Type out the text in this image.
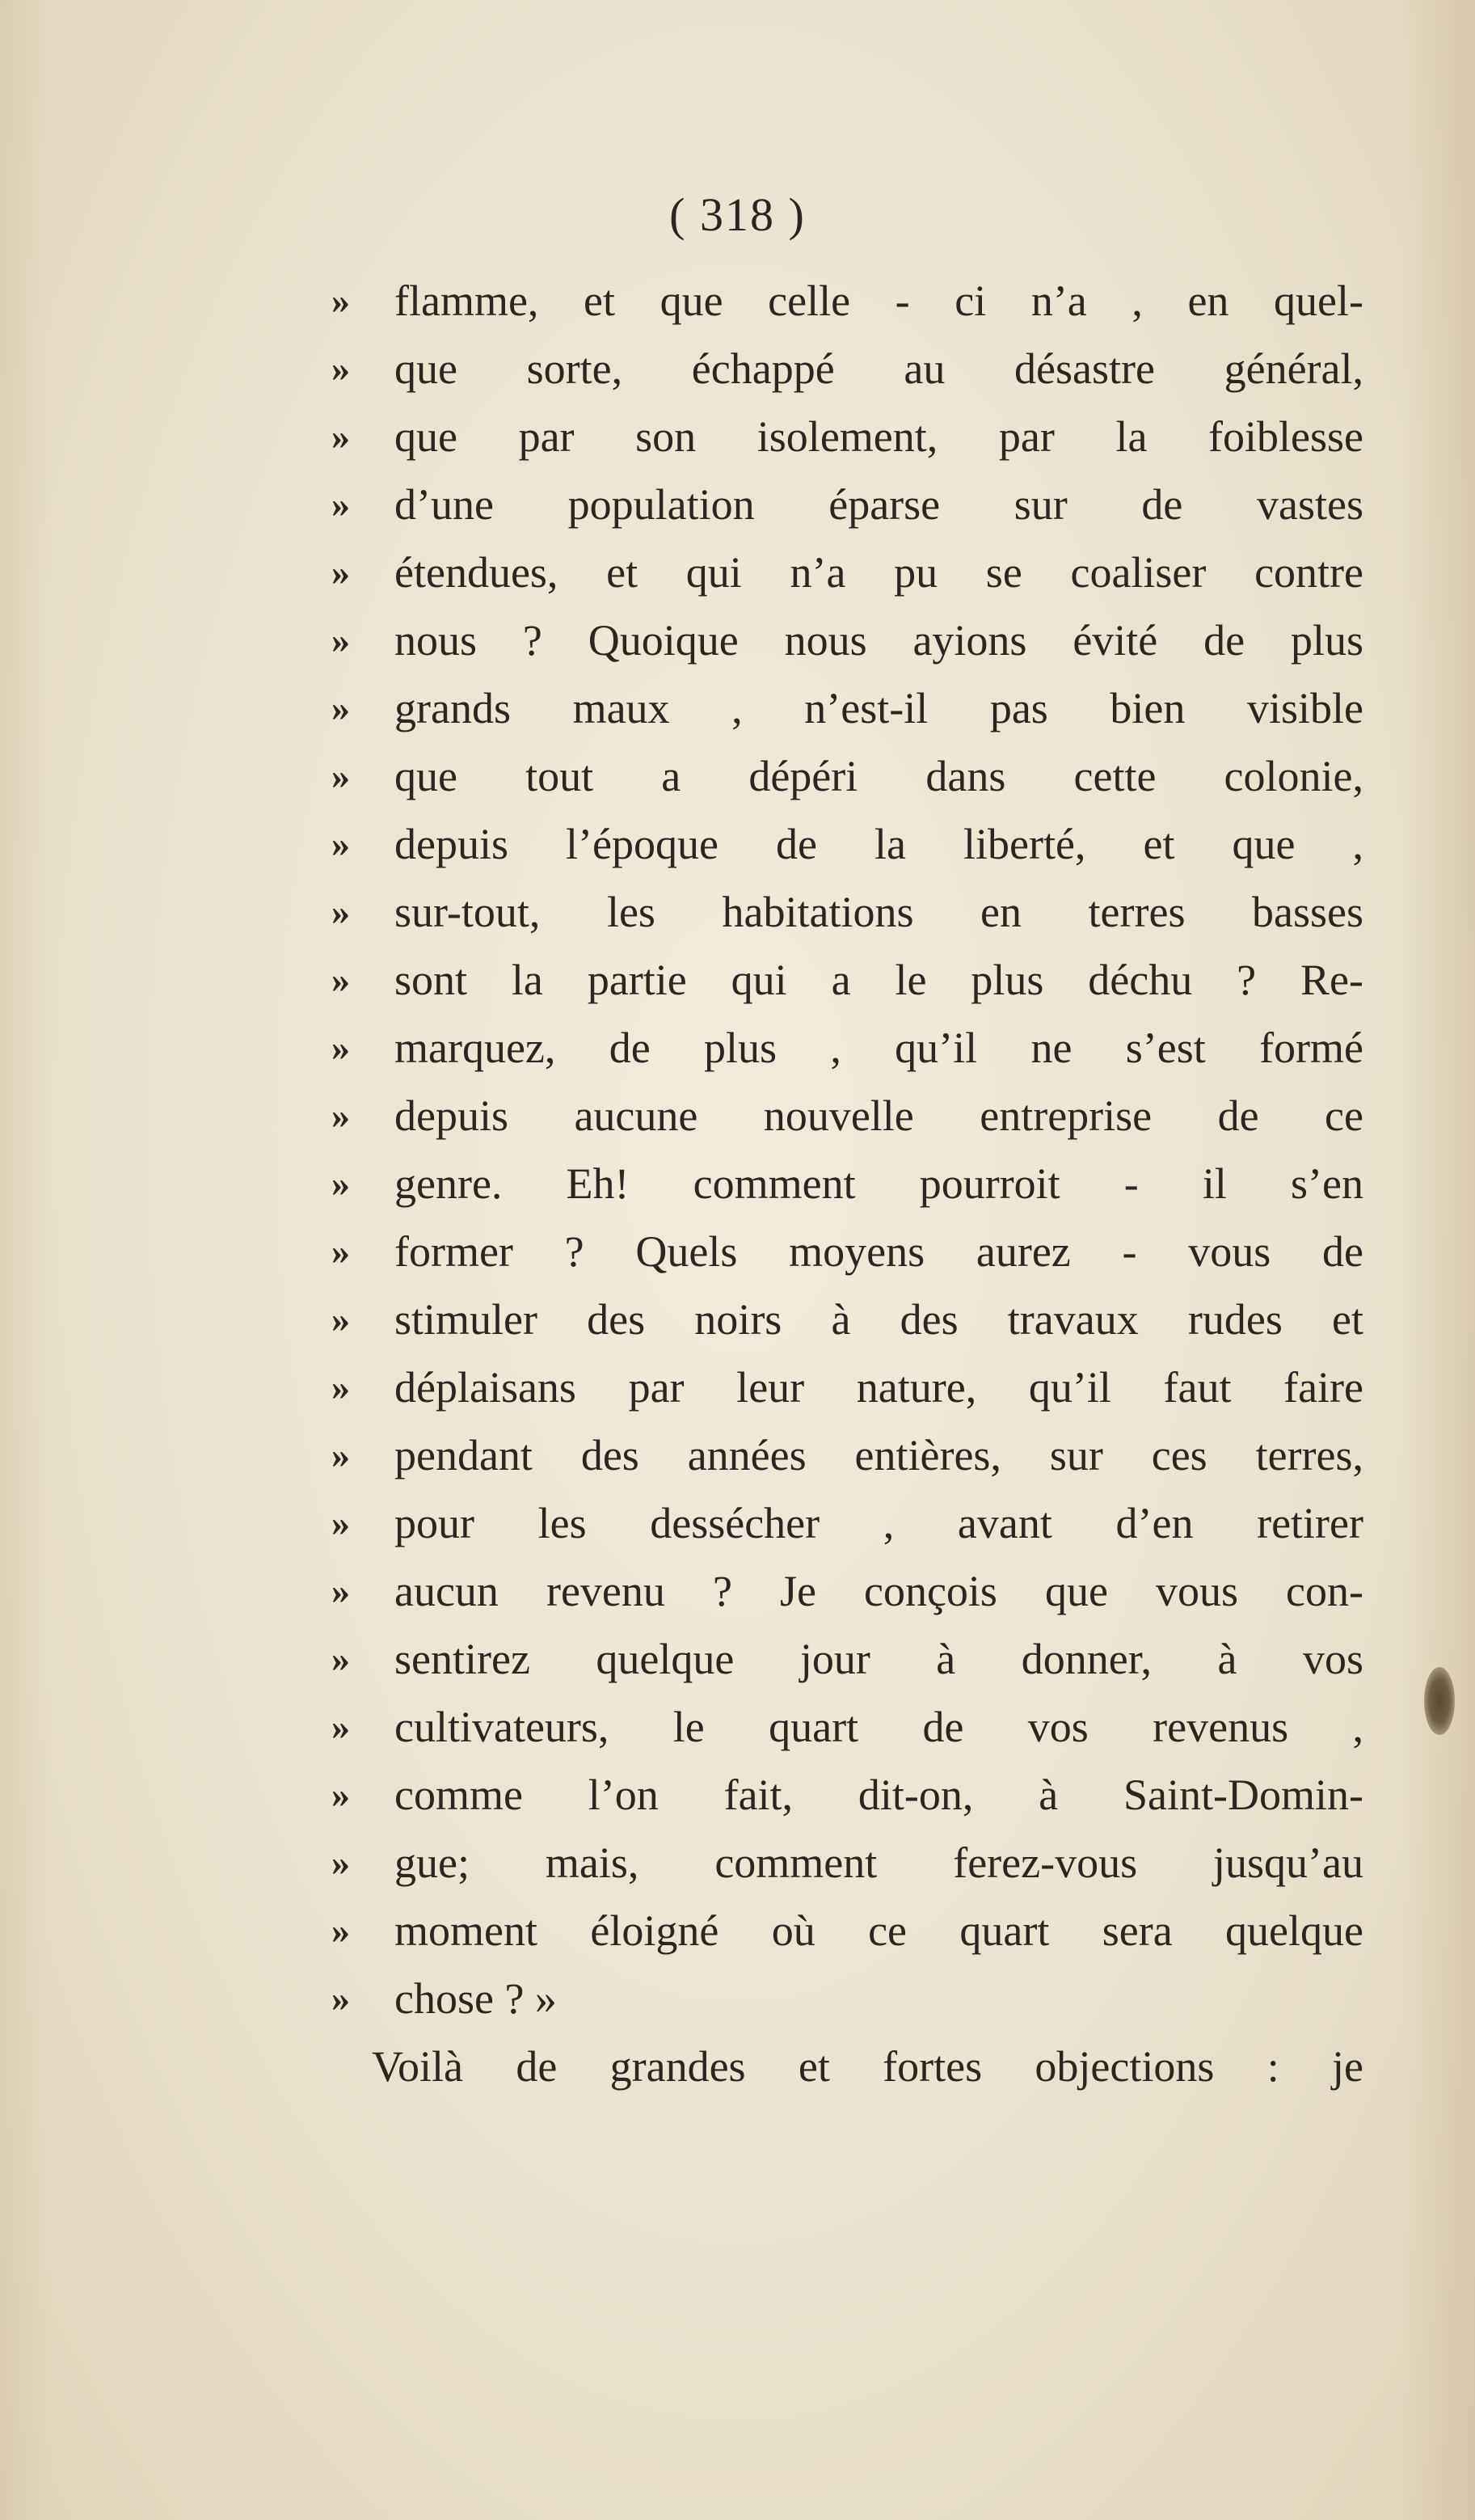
( 318 )
»	flamme, et que celle - ci n’a , en quel-
»	que sorte, échappé au désastre général,
»	que par son isolement, par la foiblesse
»	d’une population éparse sur de vastes
»	étendues, et qui n’a pu se coaliser contre
»	nous ? Quoique nous ayions évité de plus
»	grands maux , n’est-il pas bien visible
»	que tout a dépéri dans cette colonie,
»	depuis l’époque de la liberté, et que ,
»	sur-tout, les habitations en terres basses
»	sont la partie qui a le plus déchu ? Re-
»	marquez, de plus , qu’il ne s’est formé
»	depuis aucune nouvelle entreprise de ce
»	genre. Eh! comment pourroit - il s’en
»	former ? Quels moyens aurez - vous de
»	stimuler des noirs à des travaux rudes et
»	déplaisans par leur nature, qu’il faut faire
»	pendant des années entières, sur ces terres,
»	pour les dessécher , avant d’en retirer
»	aucun revenu ? Je conçois que vous con-
»	sentirez quelque jour à donner, à vos
»	cultivateurs, le quart de vos revenus ,
»	comme l’on fait, dit-on, à Saint-Domin-
»	gue; mais, comment ferez-vous jusqu’au
»	moment éloigné où ce quart sera quelque
»	chose ? »
Voilà de grandes et fortes objections : je
